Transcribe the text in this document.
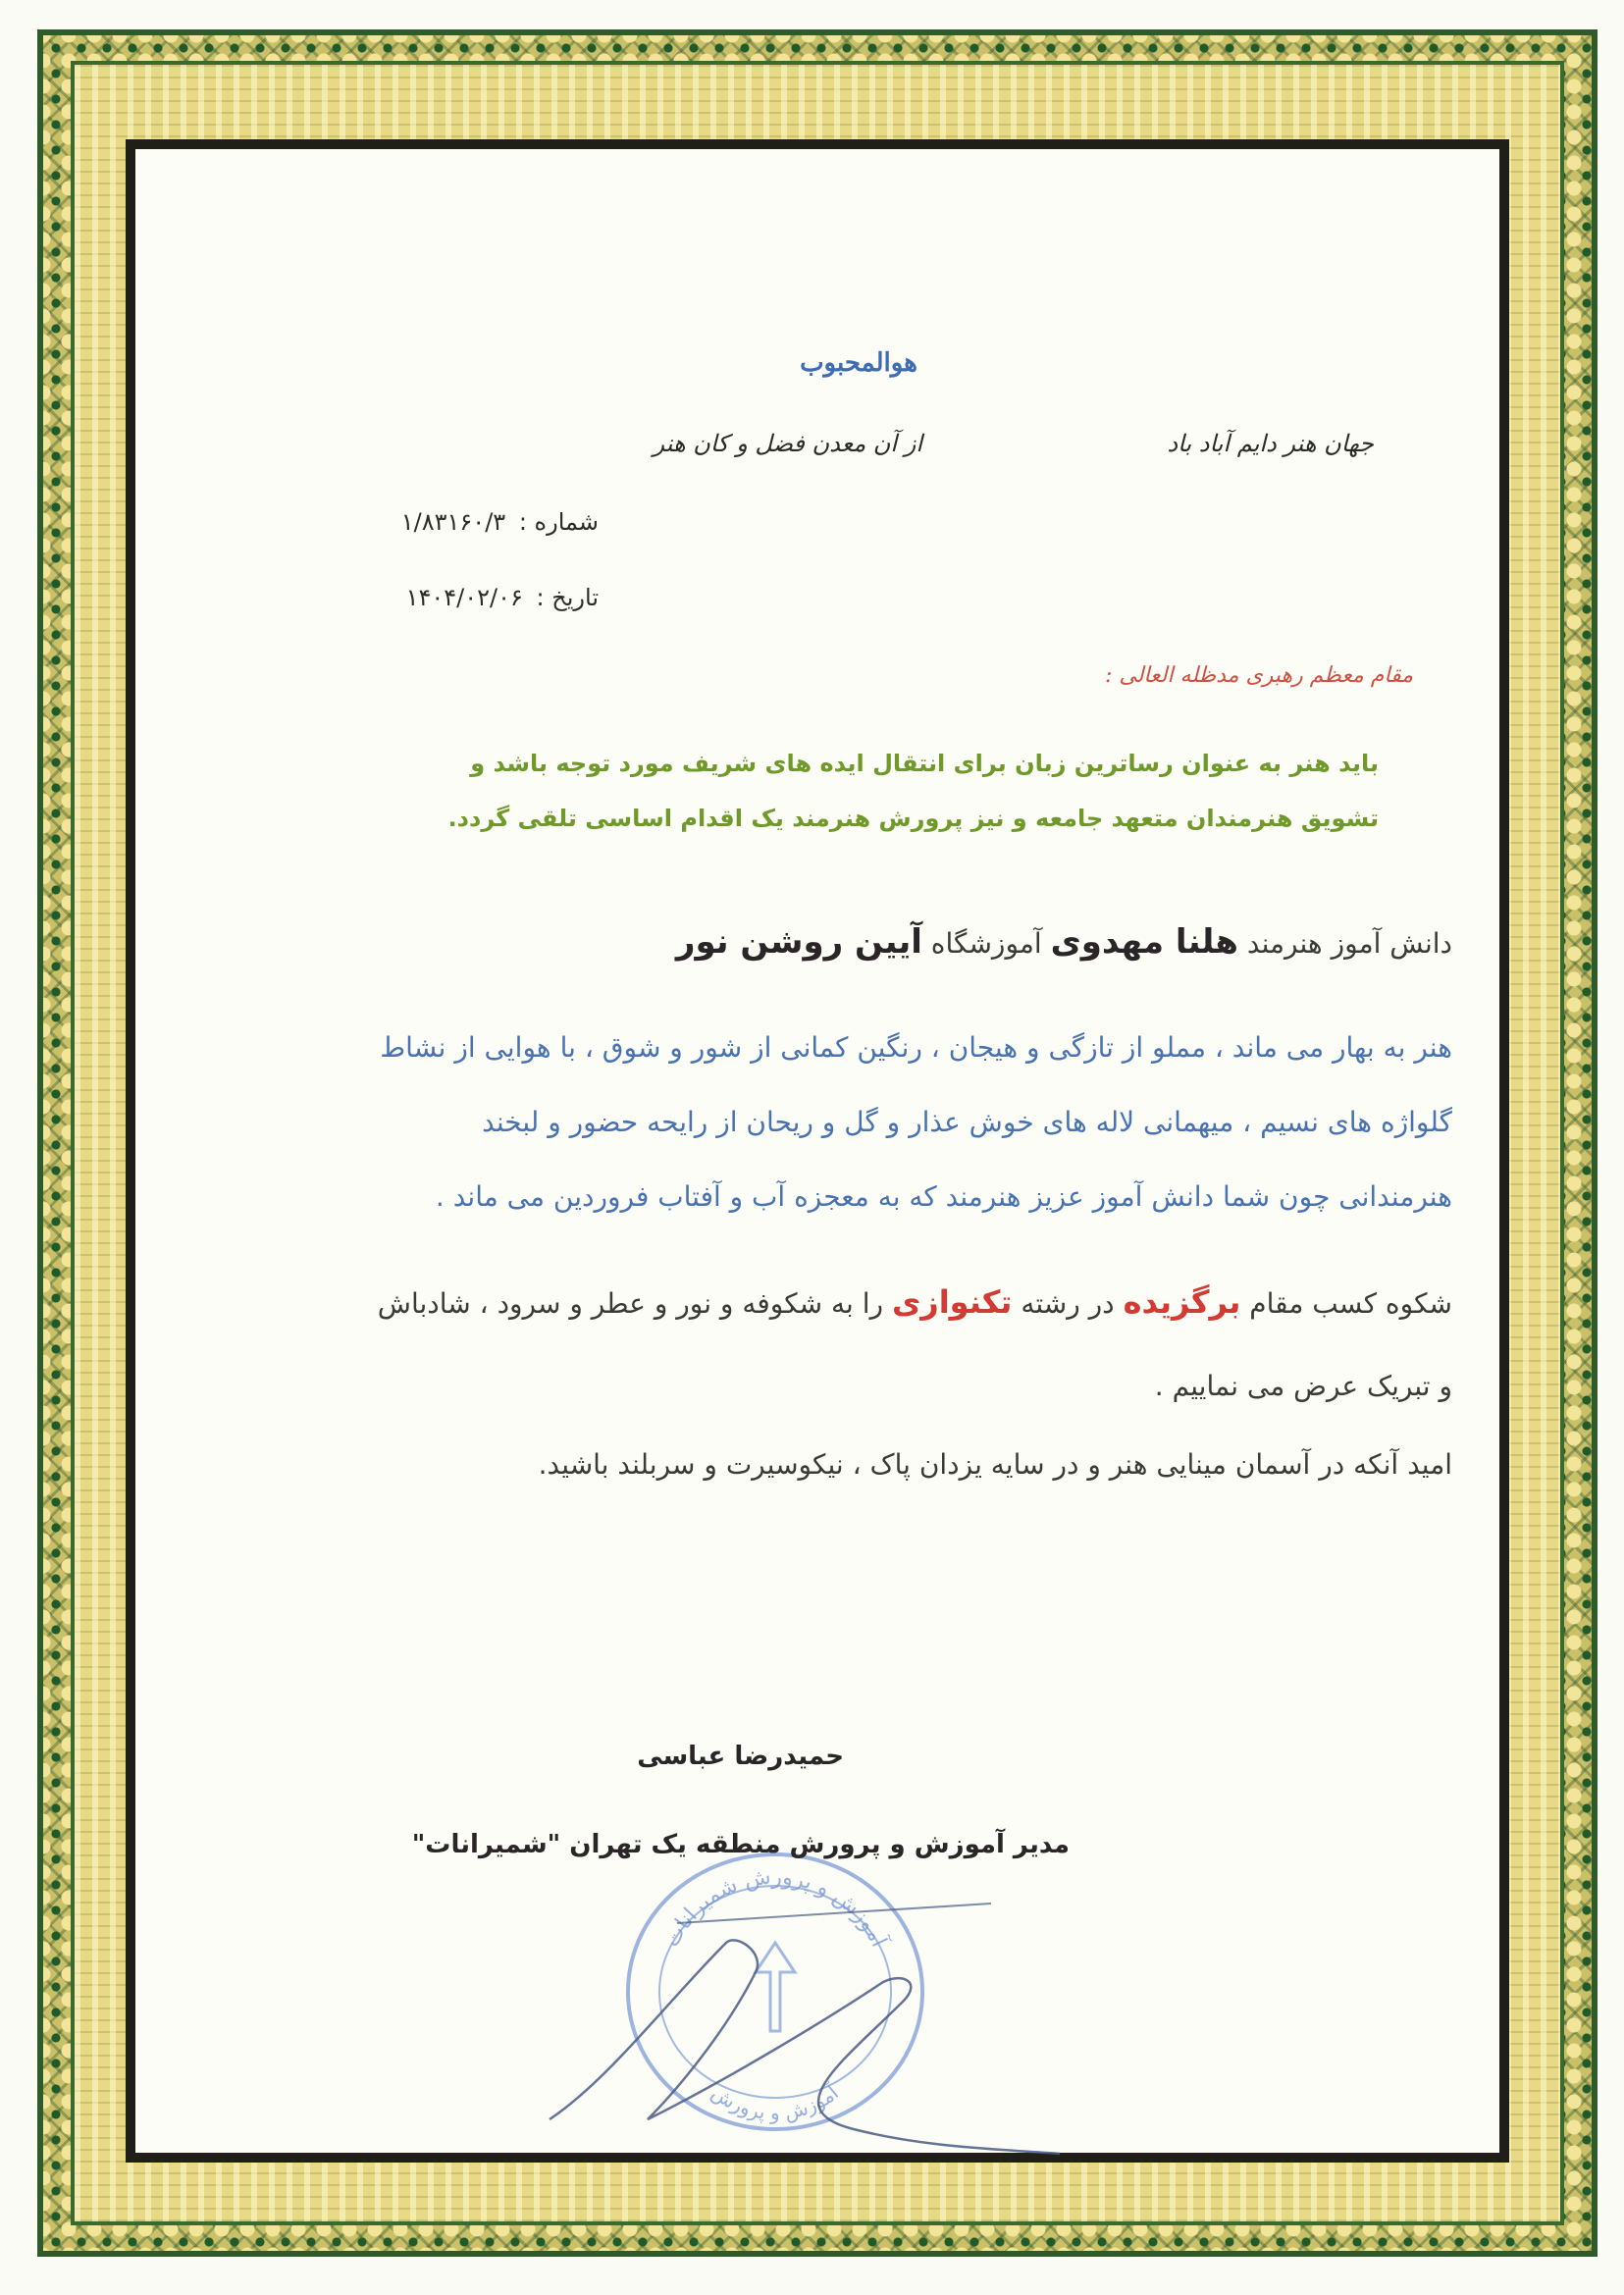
هوالمحبوب
جهان هنر دایم آباد باد
از آن معدن فضل و کان هنر
شماره : ۱/۸۳۱۶۰/۳
تاریخ : ۱۴۰۴/۰۲/۰۶
مقام معظم رهبری مدظله العالی :
باید هنر به عنوان رساترین زبان برای انتقال ایده های شریف مورد توجه باشد و
تشویق هنرمندان متعهد جامعه و نیز پرورش هنرمند یک اقدام اساسی تلقی گردد.
دانش آموز هنرمند هلنا مهدوی آموزشگاه آیین روشن نور
هنر به بهار می ماند ، مملو از تازگی و هیجان ، رنگین کمانی از شور و شوق ، با هوایی از نشاط
گلواژه های نسیم ، میهمانی لاله های خوش عذار و گل و ریحان از رایحه حضور و لبخند
هنرمندانی چون شما دانش آموز عزیز هنرمند که به معجزه آب و آفتاب فروردین می ماند .
شکوه کسب مقام برگزیده در رشته تکنوازی را به شکوفه و نور و عطر و سرود ، شادباش
و تبریک عرض می نماییم .
امید آنکه در آسمان مینایی هنر و در سایه یزدان پاک ، نیکوسیرت و سربلند باشید.
آموزش و پرورش شمیرانات
آموزش و پرورش
حمیدرضا عباسی
مدیر آموزش و پرورش منطقه یک تهران "شمیرانات"
